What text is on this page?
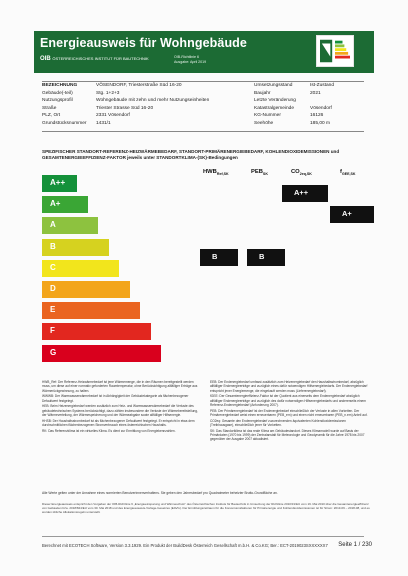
Energieausweis für Wohngebäude
OIB ÖSTERREICHISCHES INSTITUT FÜR BAUTECHNIK	OIB-Richtlinie 6
Ausgabe: April 2019
BEZEICHNUNG	VÖSENDORF, Triesterstraße Süd 16-20	Umsetzungsstand	Ist-Zustand
Gebäude(-teil)	Stg. 1+2+3	Baujahr	2021
Nutzungsprofil	Wohngebäude mit zehn und mehr Nutzungseinheiten	Letzte Veränderung
Straße	Triester Strasse Süd 16-20	Katastralgemeinde	Vösendorf
PLZ, Ort	2331 Vösendorf	KG-Nummer	16126
Grundstücksnummer 1431/1	Seehöhe	185,00 m
SPEZIFISCHER STANDORT-REFERENZ-HEIZWÄRMEBEDARF, STANDORT-PRIMÄRENERGIEBEDARF, KOHLENDIOXIDEMISSIONEN und GESAMTENERGIEEFFIZIENZ-FAKTOR jeweils unter STANDORTKLIMA-(SK)-Bedingungen
$HWB_{Ref,SK}$	$PEB_{SK}$	$CO_{2eq,SK}$	$f_{GEE,SK}$
A++
A+
A
B
C
D
E
F
G
B	B
A++
A+

HWB_Ref: Der Referenz-Heizwärmebedarf ist jene Wärmemenge, die in den Räumen bereitgestellt werden muss, um diese auf einer normativ geforderten Raumtemperatur, ohne Berücksichtigung allfälliger Erträge aus Wärmerückgewinnung, zu halten.

WWWB: Der Warmwasserwärmebedarf ist in Abhängigkeit der Gebäudekategorie als flächenbezogener Defaultwert festgelegt.

HEB: Beim Heizenergiebedarf werden zusätzlich zum Heiz- und Warmwasserwärmebedarf die Verluste des gebäudetechnischen Systems berücksichtigt, dazu zählen insbesondere die Verluste der Wärmebereitstellung, der Wärmeverteilung, der Wärmespeicherung und der Wärmeabgabe sowie allfälliger Hilfsenergie.

HHSB: Der Haushaltsstrombedarf ist als flächenbezogener Defaultwert festgelegt. Er entspricht in etwa dem durchschnittlichen flächenbezogenen Stromverbrauch eines österreichischen Haushalts.

RK: Das Referenzklima ist ein virtuelles Klima. Es dient zur Ermittlung von Energiekennzahlen.

EEB: Der Endenergiebedarf umfasst zusätzlich zum Heizenergiebedarf den Haushaltsstrombedarf, abzüglich allfälliger Endenergieerträge und zuzüglich eines dafür notwendigen Hilfsenergiebedarfs. Der Endenergiebedarf entspricht jener Energiemenge, die eingekauft werden muss (Lieferenergiebedarf).

fGEE: Der Gesamtenergieeffizienz-Faktor ist der Quotient aus einerseits dem Endenergiebedarf abzüglich allfälliger Endenergieerträge und zuzüglich des dafür notwendigen Hilfsenergiebedarfs und andererseits einem Referenz-Endenergiebedarf (Anforderung 2007).

PEB: Der Primärenergiebedarf ist der Endenergiebedarf einschließlich der Verluste in allen Vorketten. Der Primärenergiebedarf weist einen erneuerbaren (PEB_ern) und einen nicht erneuerbaren (PEB_n.ern) Anteil auf.

CO2eq: Gesamte den Endenergiebedarf zuzurechnenden äquivalenten Kohlendioxidemissionen (Treibhausgase), einschließlich jener für Vorketten.

SK: Das Standortklima ist das reale Klima am Gebäudestandort. Dieses Klimamodell wurde auf Basis der Primärdaten (1970 bis 1999) der Zentralanstalt für Meteorologie und Geodynamik für die Jahre 1978 bis 2007 gegenüber der Ausgabe 2007 aktualisiert.

Alle Werte gelten unter der Annahme eines normierten Benutzerinnenverhaltens. Sie geben den Jahresbedarf pro Quadratmeter beheizter Brutto-Grundfläche an.
Dieser Energieausweis entspricht den Vorgaben der OIB-Richtlinie 6 „Energieeinsparung und Wärmeschutz“ des Österreichischen Instituts für Bautechnik in Umsetzung der Richtlinie 2010/31/EU vom 19. Mai 2010 über die Gesamtenergieeffizienz von Gebäuden bzw. 2018/844/EU vom 30. Mai 2018 und des Energieausweis-Vorlage-Gesetzes (EAVG). Der Ermittlungszeitraum für die Konversionsfaktoren für Primärenergie und Kohlendioxidemissionen ist für Strom: 2013-09 – 2018-08, und es wurden übliche Allokationsregeln unterstellt.
Berechnet mit ECOTECH Software, Version 3.3.1929. Ein Produkt der BuildDesk Österreich Gesellschaft m.b.H. & Co.KG; Ber.: ECT-2019023SXXXXXX7 Seite 1 / 230
